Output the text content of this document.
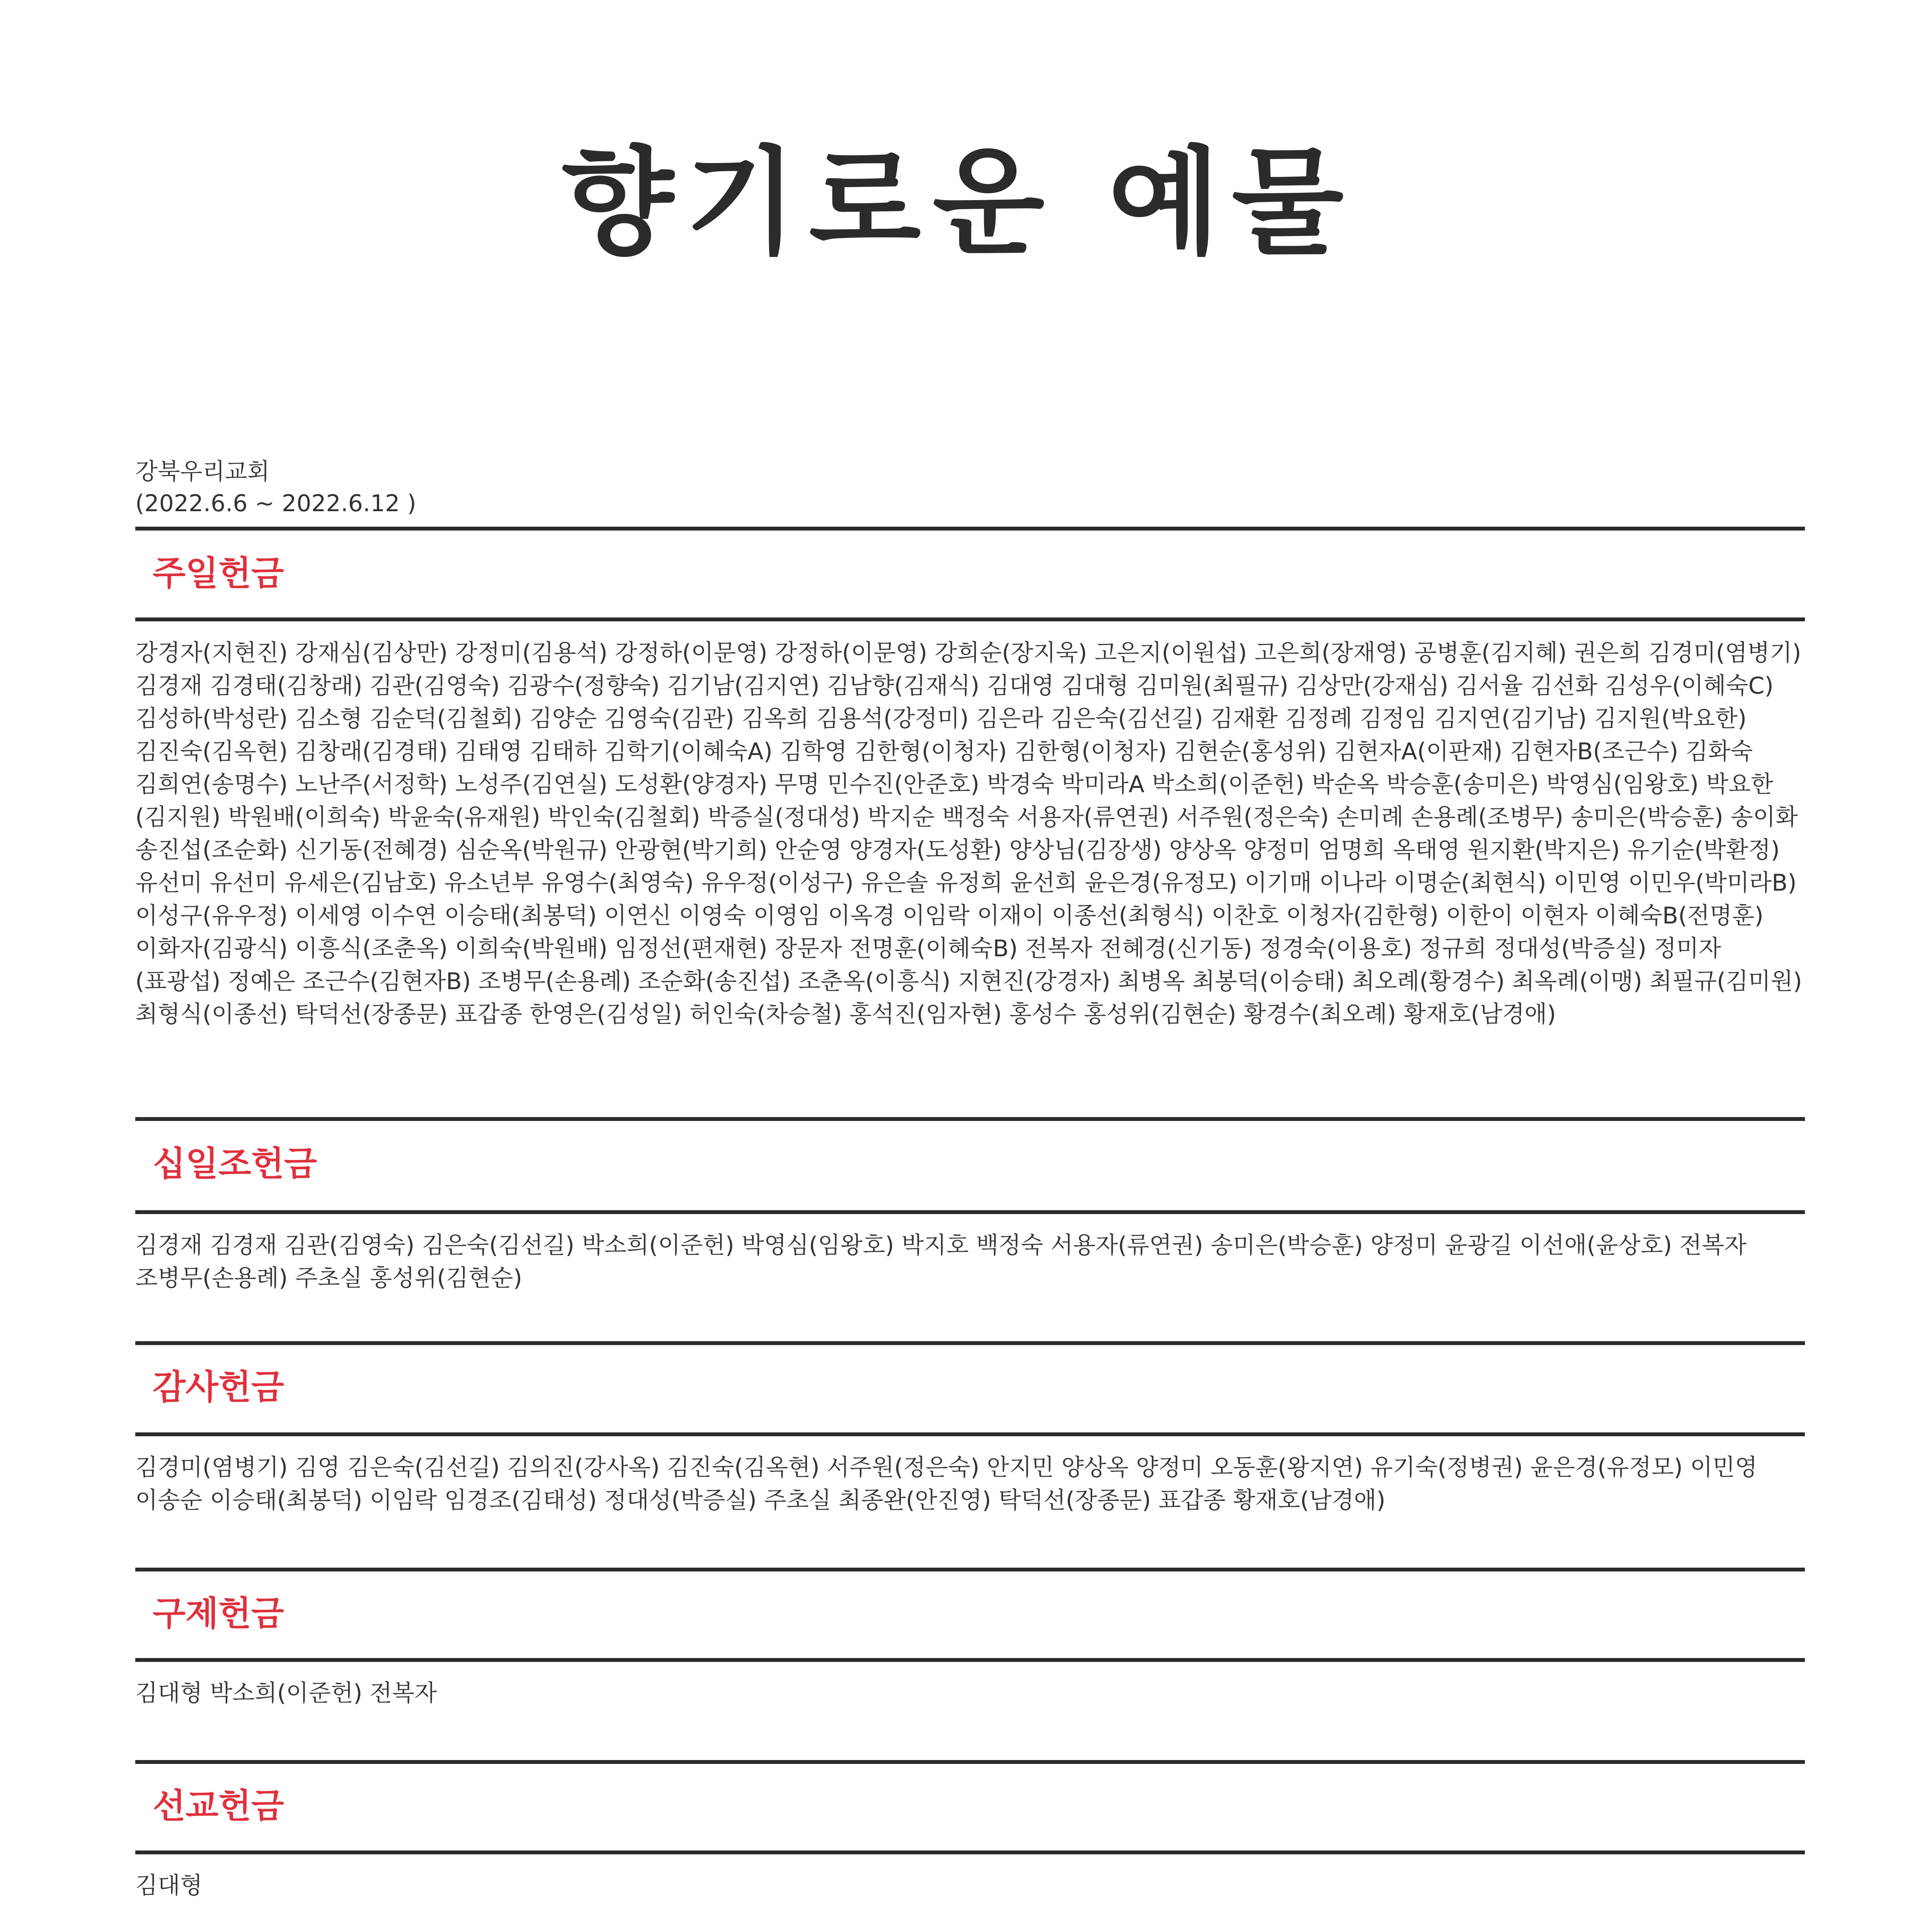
향기로운 예물
강북우리교회
(2022.6.6 ~ 2022.6.12 )
주일헌금
강경자(지현진) 강재심(김상만) 강정미(김용석) 강정하(이문영) 강정하(이문영) 강희순(장지욱) 고은지(이원섭) 고은희(장재영) 공병훈(김지혜) 권은희 김경미(염병기) 김경재 김경태(김창래) 김관(김영숙) 김광수(정향숙) 김기남(김지연) 김남향(김재식) 김대영 김대형 김미원(최필규) 김상만(강재심) 김서율 김선화 김성우(이혜숙C) 김성하(박성란) 김소형 김순덕(김철회) 김양순 김영숙(김관) 김옥희 김용석(강정미) 김은라 김은숙(김선길) 김재환 김정례 김정임 김지연(김기남) 김지원(박요한) 김진숙(김옥현) 김창래(김경태) 김태영 김태하 김학기(이혜숙A) 김학영 김한형(이청자) 김한형(이청자) 김현순(홍성위) 김현자A(이판재) 김현자B(조근수) 김화숙 김희연(송명수) 노난주(서정학) 노성주(김연실) 도성환(양경자) 무명 민수진(안준호) 박경숙 박미라A 박소희(이준헌) 박순옥 박승훈(송미은) 박영심(임왕호) 박요한(김지원) 박원배(이희숙) 박윤숙(유재원) 박인숙(김철회) 박증실(정대성) 박지순 백정숙 서용자(류연권) 서주원(정은숙) 손미례 손용례(조병무) 송미은(박승훈) 송이화 송진섭(조순화) 신기동(전혜경) 심순옥(박원규) 안광현(박기희) 안순영 양경자(도성환) 양상님(김장생) 양상옥 양정미 엄명희 옥태영 원지환(박지은) 유기순(박환정) 유선미 유선미 유세은(김남호) 유소년부 유영수(최영숙) 유우정(이성구) 유은솔 유정희 윤선희 윤은경(유정모) 이기매 이나라 이명순(최현식) 이민영 이민우(박미라B) 이성구(유우정) 이세영 이수연 이승태(최봉덕) 이연신 이영숙 이영임 이옥경 이임락 이재이 이종선(최형식) 이찬호 이청자(김한형) 이한이 이현자 이혜숙B(전명훈) 이화자(김광식) 이흥식(조춘옥) 이희숙(박원배) 임정선(편재현) 장문자 전명훈(이혜숙B) 전복자 전혜경(신기동) 정경숙(이용호) 정규희 정대성(박증실) 정미자(표광섭) 정예은 조근수(김현자B) 조병무(손용례) 조순화(송진섭) 조춘옥(이흥식) 지현진(강경자) 최병옥 최봉덕(이승태) 최오례(황경수) 최옥례(이맹) 최필규(김미원) 최형식(이종선) 탁덕선(장종문) 표갑종 한영은(김성일) 허인숙(차승철) 홍석진(임자현) 홍성수 홍성위(김현순) 황경수(최오례) 황재호(남경애)
십일조헌금
김경재 김경재 김관(김영숙) 김은숙(김선길) 박소희(이준헌) 박영심(임왕호) 박지호 백정숙 서용자(류연권) 송미은(박승훈) 양정미 윤광길 이선애(윤상호) 전복자 조병무(손용례) 주초실 홍성위(김현순)
감사헌금
김경미(염병기) 김영 김은숙(김선길) 김의진(강사옥) 김진숙(김옥현) 서주원(정은숙) 안지민 양상옥 양정미 오동훈(왕지연) 유기숙(정병권) 윤은경(유정모) 이민영 이송순 이승태(최봉덕) 이임락 임경조(김태성) 정대성(박증실) 주초실 최종완(안진영) 탁덕선(장종문) 표갑종 황재호(남경애)
구제헌금
김대형 박소희(이준헌) 전복자
선교헌금
김대형
